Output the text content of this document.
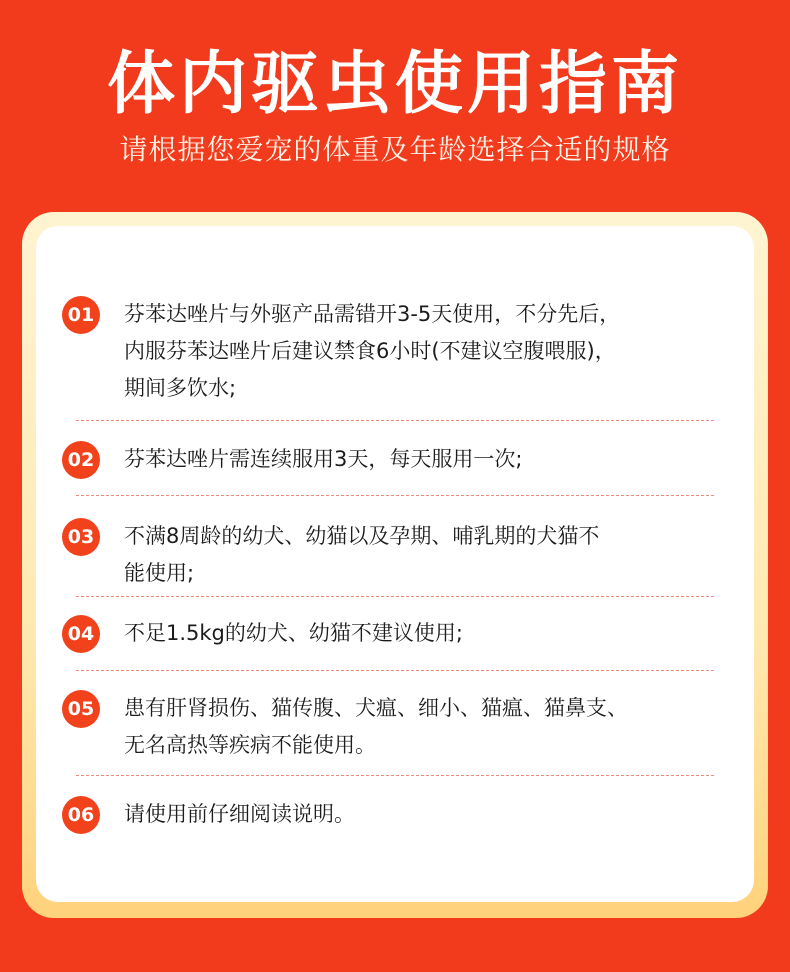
体内驱虫使用指南
请根据您爱宠的体重及年龄选择合适的规格
01 芬苯达唑片与外驱产品需错开3-5天使用，不分先后，
内服芬苯达唑片后建议禁食6小时(不建议空腹喂服)，
期间多饮水;
02 芬苯达唑片需连续服用3天，每天服用一次;
03 不满8周龄的幼犬、幼猫以及孕期、哺乳期的犬猫不
能使用;
04 不足1.5kg的幼犬、幼猫不建议使用;
05 患有肝肾损伤、猫传腹、犬瘟、细小、猫瘟、猫鼻支、
无名高热等疾病不能使用。
06 请使用前仔细阅读说明。
